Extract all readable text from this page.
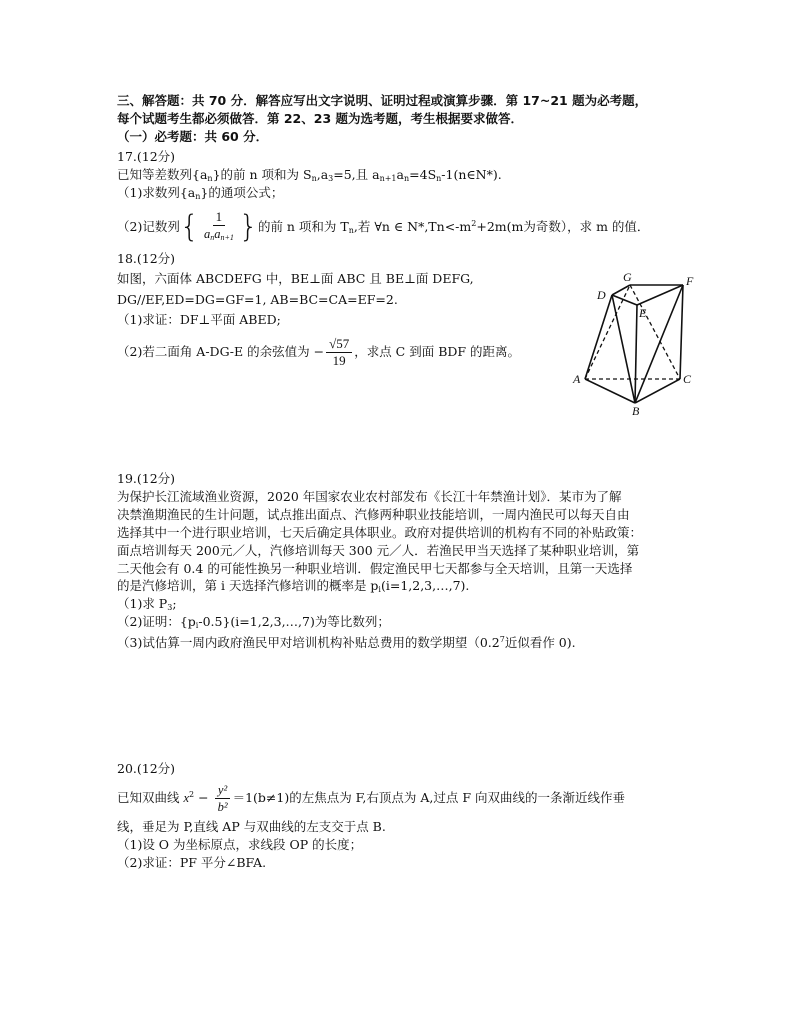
三、解答题：共 70 分．解答应写出文字说明、证明过程或演算步骤．第 17~21 题为必考题，
每个试题考生都必须做答．第 22、23 题为选考题，考生根据要求做答．
（一）必考题：共 60 分．
17.(12分)
已知等差数列$\{a_n\}$的前 n 项和为 $S_n,a_3=5$,且 $a_{n+1}a_n=4S_n-1(n\in N*)$.
（1)求数列$\{a_n\}$的通项公式；
（2)记数列{ $\frac{1}{a_na_{n+1}}$ }的前 n 项和为 $T_n$,若 ∀n ∈ $N*,Tn<-m^2+2m(m$为奇数），求 m 的值．
18.(12分)
如图，六面体 ABCDEFG 中，BE⊥面 ABC 且 BE⊥面 DEFG,
DG//EF,ED=DG=GF=1, AB=BC=CA=EF=2.
（1)求证：DF⊥平面 ABED;
（2)若二面角 A-DG-E 的余弦值为 − $\frac{√57}{19}$ ，求点 C 到面 BDF 的距离。
G	F
D
E
A	C
B
19.(12分)
为保护长江流域渔业资源，2020 年国家农业农村部发布《长江十年禁渔计划》．某市为了解
决禁渔期渔民的生计问题，试点推出面点、汽修两种职业技能培训，一周内渔民可以每天自由
选择其中一个进行职业培训，七天后确定具体职业。政府对提供培训的机构有不同的补贴政策：
面点培训每天 200元／人，汽修培训每天 300 元／人．若渔民甲当天选择了某种职业培训，第
二天他会有 0.4 的可能性换另一种职业培训．假定渔民甲七天都参与全天培训，且第一天选择
的是汽修培训，第 i 天选择汽修培训的概率是 $p_i(i=1,2,3,\dots,7)$.
（1)求 $P_3$;
（2)证明：$\{p_i-0.5\}(i=1,2,3,\dots,7)$为等比数列；
（3)试估算一周内政府渔民甲对培训机构补贴总费用的数学期望（$0.2^7$近似看作 0).
20.(12分)
已知双曲线 $x^2 - \frac{\text{y²}}{\text{b²}} =1(b\ne 1)$的左焦点为 F,右顶点为 A,过点 F 向双曲线的一条渐近线作垂
线，垂足为 P,直线 AP 与双曲线的左支交于点 B.
（1)设 O 为坐标原点，求线段 OP 的长度；
（2)求证：PF 平分∠BFA.
